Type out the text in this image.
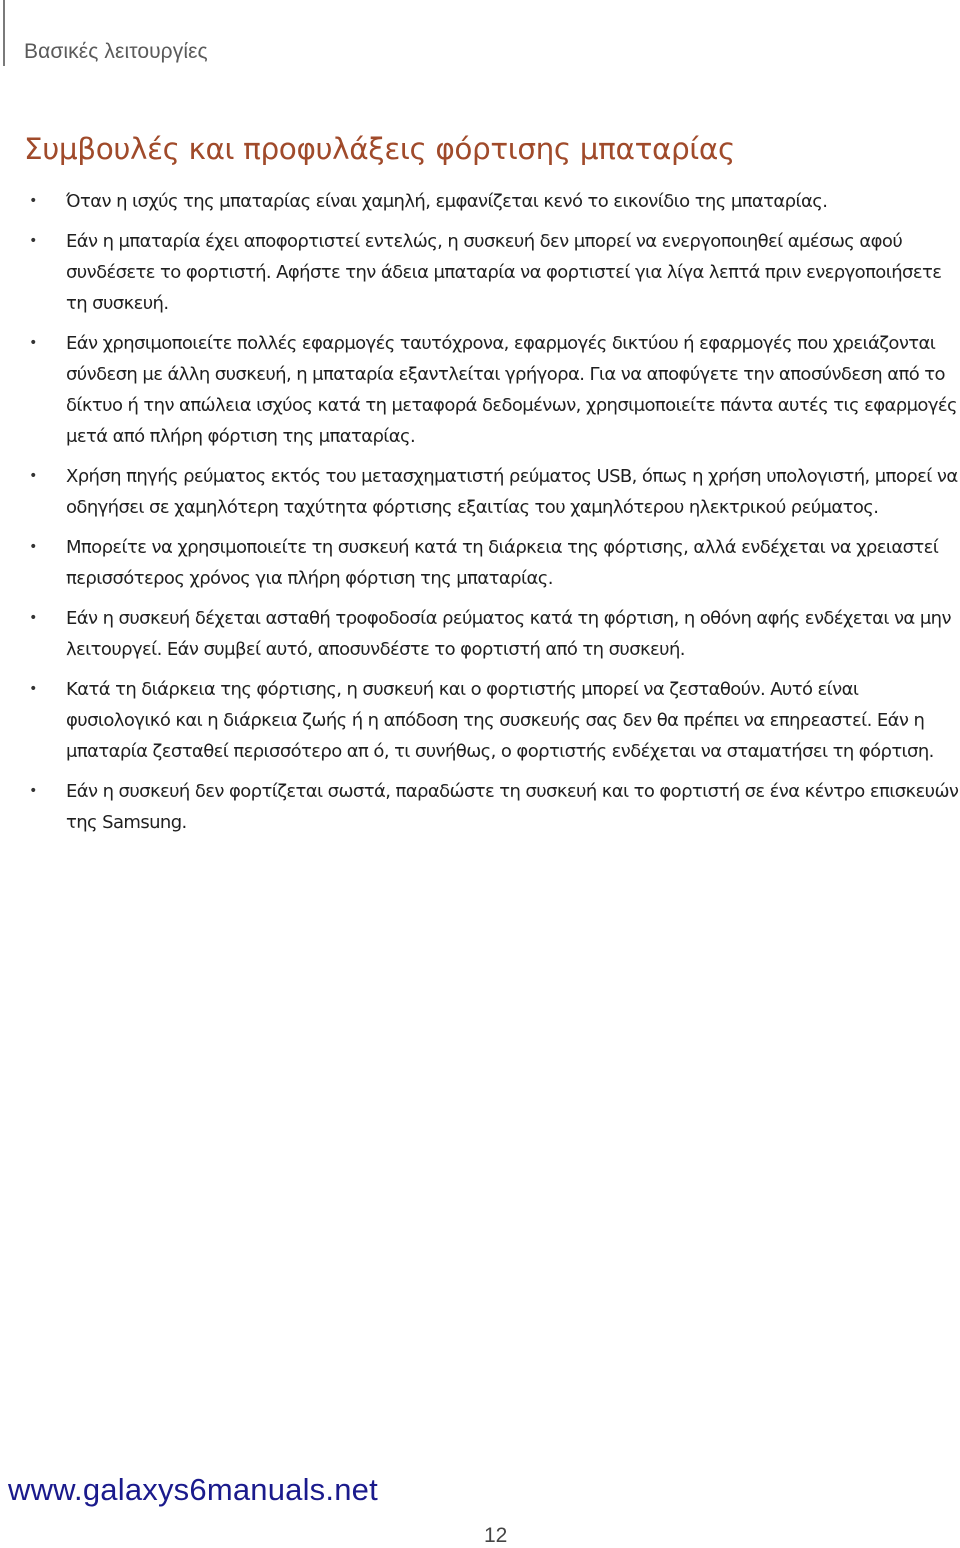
Βασικές λειτουργίες
Συμβουλές και προφυλάξεις φόρτισης μπαταρίας
• Όταν η ισχύς της μπαταρίας είναι χαμηλή, εμφανίζεται κενό το εικονίδιο της μπαταρίας.
• Εάν η μπαταρία έχει αποφορτιστεί εντελώς, η συσκευή δεν μπορεί να ενεργοποιηθεί αμέσως αφού συνδέσετε το φορτιστή. Αφήστε την άδεια μπαταρία να φορτιστεί για λίγα λεπτά πριν ενεργοποιήσετε τη συσκευή.
• Εάν χρησιμοποιείτε πολλές εφαρμογές ταυτόχρονα, εφαρμογές δικτύου ή εφαρμογές που χρειάζονται σύνδεση με άλλη συσκευή, η μπαταρία εξαντλείται γρήγορα. Για να αποφύγετε την αποσύνδεση από το δίκτυο ή την απώλεια ισχύος κατά τη μεταφορά δεδομένων, χρησιμοποιείτε πάντα αυτές τις εφαρμογές μετά από πλήρη φόρτιση της μπαταρίας.
• Χρήση πηγής ρεύματος εκτός του μετασχηματιστή ρεύματος USB, όπως η χρήση υπολογιστή, μπορεί να οδηγήσει σε χαμηλότερη ταχύτητα φόρτισης εξαιτίας του χαμηλότερου ηλεκτρικού ρεύματος.
• Μπορείτε να χρησιμοποιείτε τη συσκευή κατά τη διάρκεια της φόρτισης, αλλά ενδέχεται να χρειαστεί περισσότερος χρόνος για πλήρη φόρτιση της μπαταρίας.
• Εάν η συσκευή δέχεται ασταθή τροφοδοσία ρεύματος κατά τη φόρτιση, η οθόνη αφής ενδέχεται να μην λειτουργεί. Εάν συμβεί αυτό, αποσυνδέστε το φορτιστή από τη συσκευή.
• Κατά τη διάρκεια της φόρτισης, η συσκευή και ο φορτιστής μπορεί να ζεσταθούν. Αυτό είναι φυσιολογικό και η διάρκεια ζωής ή η απόδοση της συσκευής σας δεν θα πρέπει να επηρεαστεί. Εάν η μπαταρία ζεσταθεί περισσότερο απ ό, τι συνήθως, ο φορτιστής ενδέχεται να σταματήσει τη φόρτιση.
• Εάν η συσκευή δεν φορτίζεται σωστά, παραδώστε τη συσκευή και το φορτιστή σε ένα κέντρο επισκευών της Samsung.
www.galaxys6manuals.net
12
